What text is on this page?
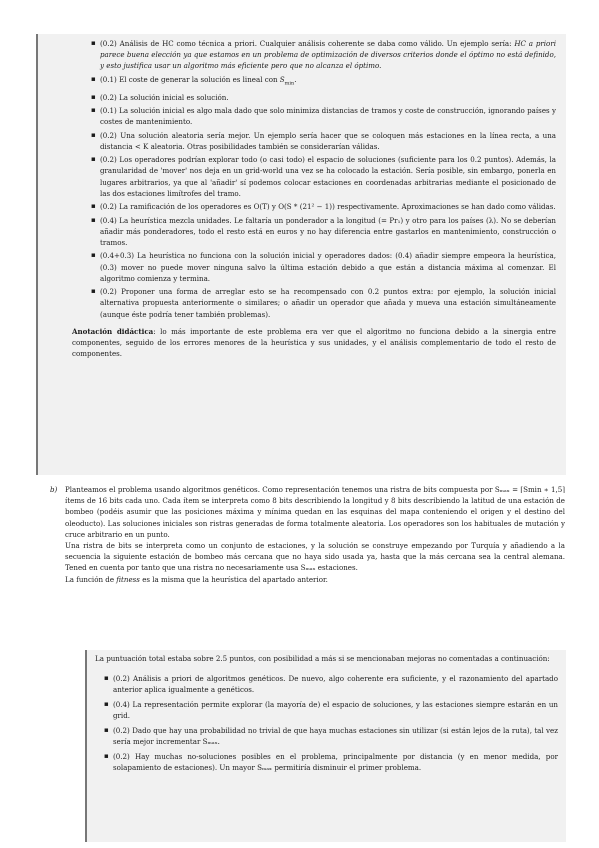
▪ (0.2) Análisis de HC como técnica a priori. Cualquier análisis coherente se daba como válido. Un ejemplo sería: HC a priori parece buena elección ya que estamos en un problema de optimización de diversos criterios donde el óptimo no está definido, y esto justifica usar un algoritmo más eficiente pero que no alcanza el óptimo.
▪ (0.1) El coste de generar la solución es lineal con $S_{min}$.
▪ (0.2) La solución inicial es solución.
▪ (0.1) La solución inicial es algo mala dado que solo minimiza distancias de tramos y coste de construcción, ignorando países y costes de mantenimiento.
▪ (0.2) Una solución aleatoria sería mejor. Un ejemplo sería hacer que se coloquen más estaciones en la línea recta, a una distancia < K aleatoria. Otras posibilidades también se considerarían válidas.
▪ (0.2) Los operadores podrían explorar todo (o casi todo) el espacio de soluciones (suficiente para los 0.2 puntos). Además, la granularidad de 'mover' nos deja en un grid-world una vez se ha colocado la estación. Sería posible, sin embargo, ponerla en lugares arbitrarios, ya que al 'añadir' sí podemos colocar estaciones en coordenadas arbitrarias mediante el posicionado de las dos estaciones limítrofes del tramo.
▪ (0.2) La ramificación de los operadores es O(T) y O(S * (21² − 1)) respectivamente. Aproximaciones se han dado como válidas.
▪ (0.4) La heurística mezcla unidades. Le faltaría un ponderador a la longitud (= Pr₁) y otro para los países (λ). No se deberían añadir más ponderadores, todo el resto está en euros y no hay diferencia entre gastarlos en mantenimiento, construcción o tramos.
▪ (0.4+0.3) La heurística no funciona con la solución inicial y operadores dados: (0.4) añadir siempre empeora la heurística, (0.3) mover no puede mover ninguna salvo la última estación debido a que están a distancia máxima al comenzar. El algoritmo comienza y termina.
▪ (0.2) Proponer una forma de arreglar esto se ha recompensado con 0.2 puntos extra: por ejemplo, la solución inicial alternativa propuesta anteriormente o similares; o añadir un operador que añada y mueva una estación simultáneamente (aunque éste podría tener también problemas).
Anotación didáctica: lo más importante de este problema era ver que el algoritmo no funciona debido a la sinergia entre componentes, seguido de los errores menores de la heurística y sus unidades, y el análisis complementario de todo el resto de componentes.
b) Planteamos el problema usando algoritmos genéticos. Como representación tenemos una ristra de bits compuesta por Sₘₐₓ = ⌈Smin ∗ 1,5⌉ ítems de 16 bits cada uno. Cada ítem se interpreta como 8 bits describiendo la longitud y 8 bits describiendo la latitud de una estación de bombeo (podéis asumir que las posiciones máxima y mínima quedan en las esquinas del mapa conteniendo el origen y el destino del oleoducto). Las soluciones iniciales son ristras generadas de forma totalmente aleatoria. Los operadores son los habituales de mutación y cruce arbitrario en un punto.
Una ristra de bits se interpreta como un conjunto de estaciones, y la solución se construye empezando por Turquía y añadiendo a la secuencia la siguiente estación de bombeo más cercana que no haya sido usada ya, hasta que la más cercana sea la central alemana. Tened en cuenta por tanto que una ristra no necesariamente usa Sₘₐₓ estaciones.
La función de fitness es la misma que la heurística del apartado anterior.
La puntuación total estaba sobre 2.5 puntos, con posibilidad a más si se mencionaban mejoras no comentadas a continuación:
▪ (0.2) Análisis a priori de algoritmos genéticos. De nuevo, algo coherente era suficiente, y el razonamiento del apartado anterior aplica igualmente a genéticos.
▪ (0.4) La representación permite explorar (la mayoría de) el espacio de soluciones, y las estaciones siempre estarán en un grid.
▪ (0.2) Dado que hay una probabilidad no trivial de que haya muchas estaciones sin utilizar (si están lejos de la ruta), tal vez sería mejor incrementar Sₘₐₓ.
▪ (0.2) Hay muchas no-soluciones posibles en el problema, principalmente por distancia (y en menor medida, por solapamiento de estaciones). Un mayor Sₘₐₓ permitiría disminuir el primer problema.
